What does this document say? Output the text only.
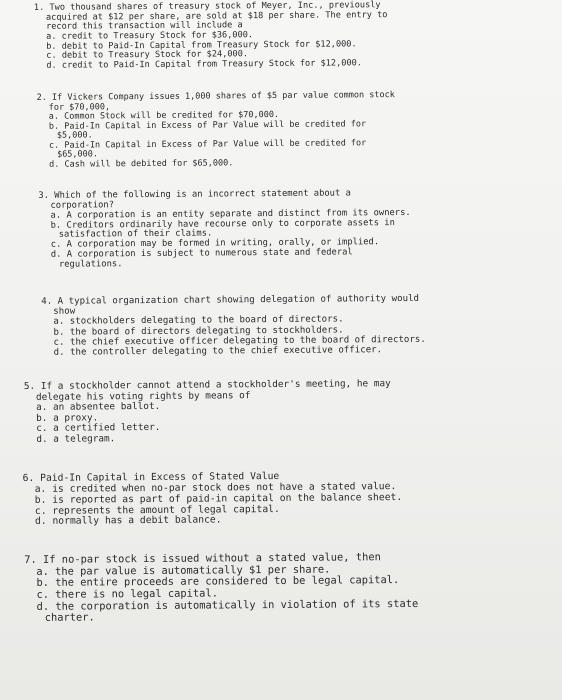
1. Two thousand shares of treasury stock of Meyer, Inc., previously
acquired at $12 per share, are sold at $18 per share. The entry to
record this transaction will include a
a. credit to Treasury Stock for $36,000.
b. debit to Paid-In Capital from Treasury Stock for $12,000.
c. debit to Treasury Stock for $24,000.
d. credit to Paid-In Capital from Treasury Stock for $12,000.
2. If Vickers Company issues 1,000 shares of $5 par value common stock
for $70,000,
a. Common Stock will be credited for $70,000.
b. Paid-In Capital in Excess of Par Value will be credited for
$5,000.
c. Paid-In Capital in Excess of Par Value will be credited for
$65,000.
d. Cash will be debited for $65,000.
3. Which of the following is an incorrect statement about a
corporation?
a. A corporation is an entity separate and distinct from its owners.
b. Creditors ordinarily have recourse only to corporate assets in
satisfaction of their claims.
c. A corporation may be formed in writing, orally, or implied.
d. A corporation is subject to numerous state and federal
regulations.
4. A typical organization chart showing delegation of authority would
show
a. stockholders delegating to the board of directors.
b. the board of directors delegating to stockholders.
c. the chief executive officer delegating to the board of directors.
d. the controller delegating to the chief executive officer.
5. If a stockholder cannot attend a stockholder's meeting, he may
delegate his voting rights by means of
a. an absentee ballot.
b. a proxy.
c. a certified letter.
d. a telegram.
6. Paid-In Capital in Excess of Stated Value
a. is credited when no-par stock does not have a stated value.
b. is reported as part of paid-in capital on the balance sheet.
c. represents the amount of legal capital.
d. normally has a debit balance.
7. If no-par stock is issued without a stated value, then
a. the par value is automatically $1 per share.
b. the entire proceeds are considered to be legal capital.
c. there is no legal capital.
d. the corporation is automatically in violation of its state
charter.
